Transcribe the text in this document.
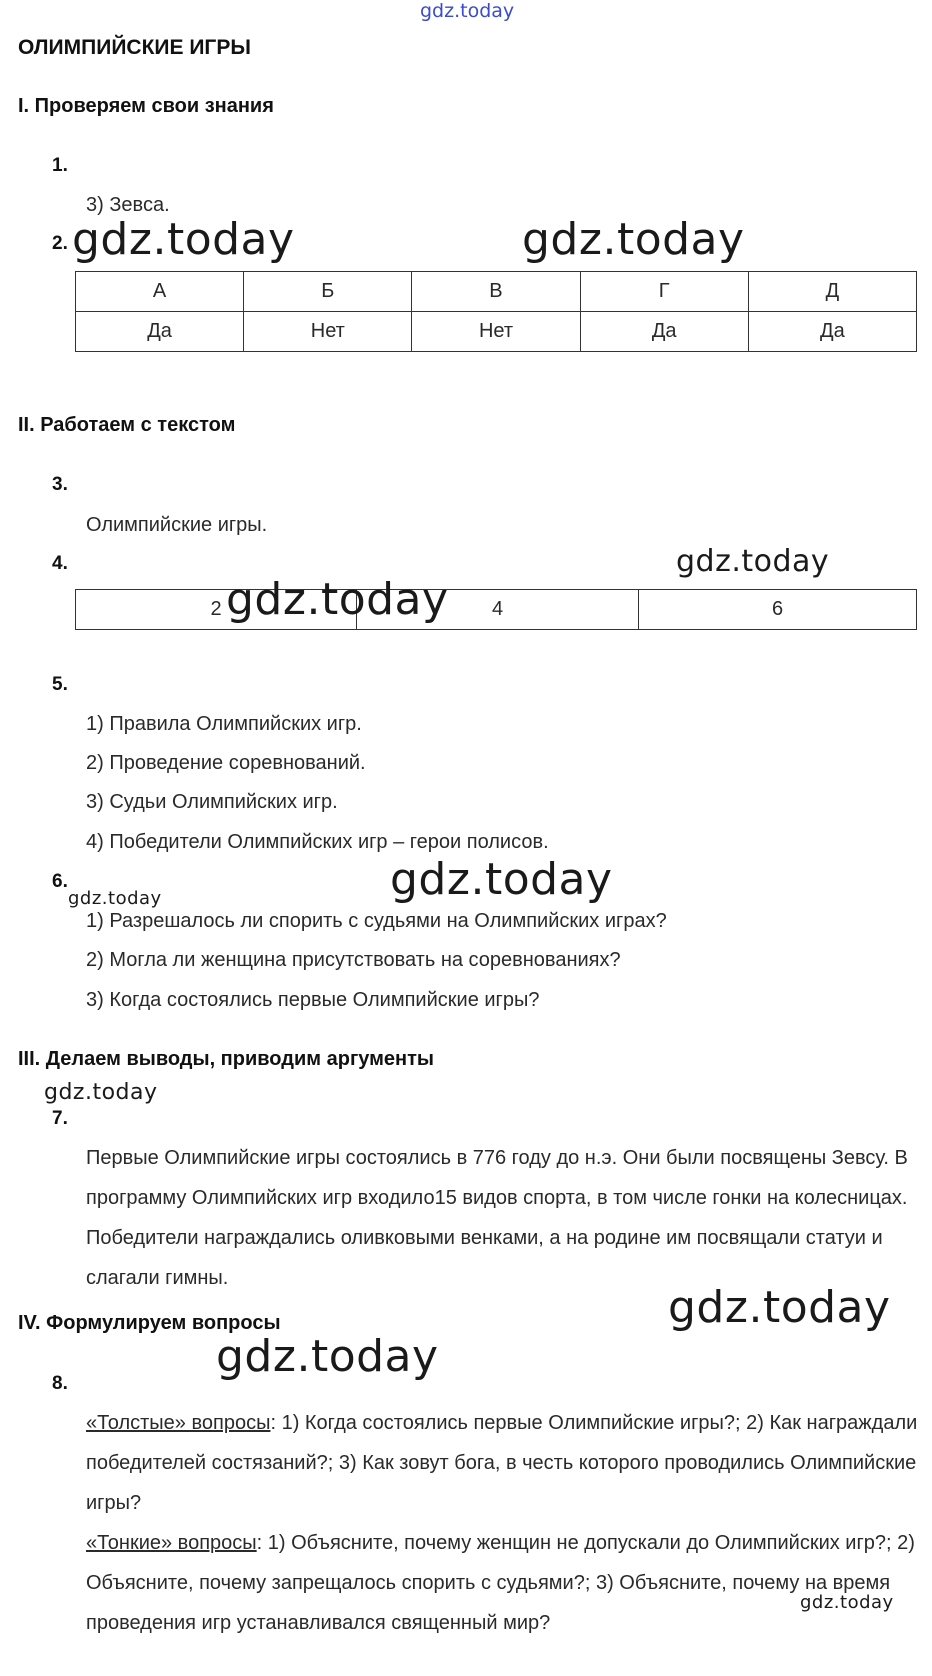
gdz.today
ОЛИМПИЙСКИЕ ИГРЫ
I. Проверяем свои знания
1.
3) Зевса.
2. gdz.today	gdz.today
А	Б	В	Г	Д
Да	Нет	Нет	Да	Да
II. Работаем с текстом
3.
Олимпийские игры.
4.	gdz.today
2	4	6
gdz.today
5.
1) Правила Олимпийских игр.
2) Проведение соревнований.
3) Судьи Олимпийских игр.
4) Победители Олимпийских игр – герои полисов.
6.	gdz.today
gdz.today
1) Разрешалось ли спорить с судьями на Олимпийских играх?
2) Могла ли женщина присутствовать на соревнованиях?
3) Когда состоялись первые Олимпийские игры?
III. Делаем выводы, приводим аргументы
gdz.today
7.
Первые Олимпийские игры состоялись в 776 году до н.э. Они были посвящены Зевсу. В программу Олимпийских игр входило15 видов спорта, в том числе гонки на колесницах. Победители награждались оливковыми венками, а на родине им посвящали статуи и слагали гимны.
IV. Формулируем вопросы	gdz.today
gdz.today
8.

«Толстые» вопросы: 1) Когда состоялись первые Олимпийские игры?; 2) Как награждали победителей состязаний?; 3) Как зовут бога, в честь которого проводились Олимпийские игры?

«Тонкие» вопросы: 1) Объясните, почему женщин не допускали до Олимпийских игр?; 2) Объясните, почему запрещалось спорить с судьями?; 3) Объясните, почему на время проведения игр устанавливался священный мир?

gdz.today
